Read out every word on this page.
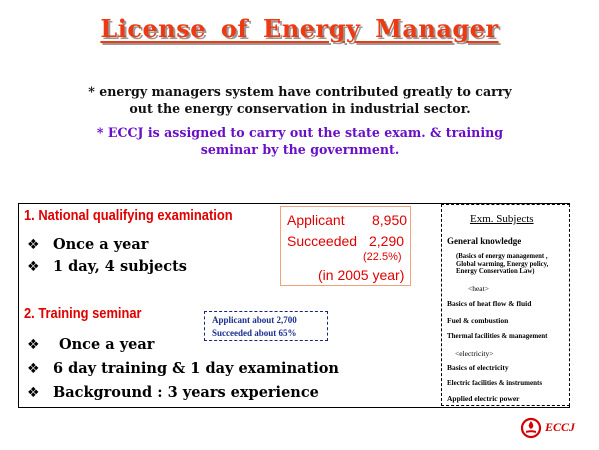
License of Energy Manager
* energy managers system have contributed greatly to carry
out the energy conservation in industrial sector.
* ECCJ is assigned to carry out the state exam. & training
seminar by the government.
1. National qualifying examination
❖ Once a year
❖ 1 day, 4 subjects
Applicant 8,950
Succeeded 2,290
(22.5%)
(in 2005 year)
2. Training seminar
❖	Once a year
❖ 6 day training & 1 day examination
❖ Background : 3 years experience
Applicant about 2,700
Succeeded about 65%
Exm. Subjects
General knowledge
(Basics of energy management ,
Global warming, Energy policy,
Energy Conservation Law)
<heat>
Basics of heat flow & fluid
Fuel & combustion
Thermal facilities & management
<electricity>
Basics of electricity
Electric facilities & instruments
Applied electric power
ECCJ
